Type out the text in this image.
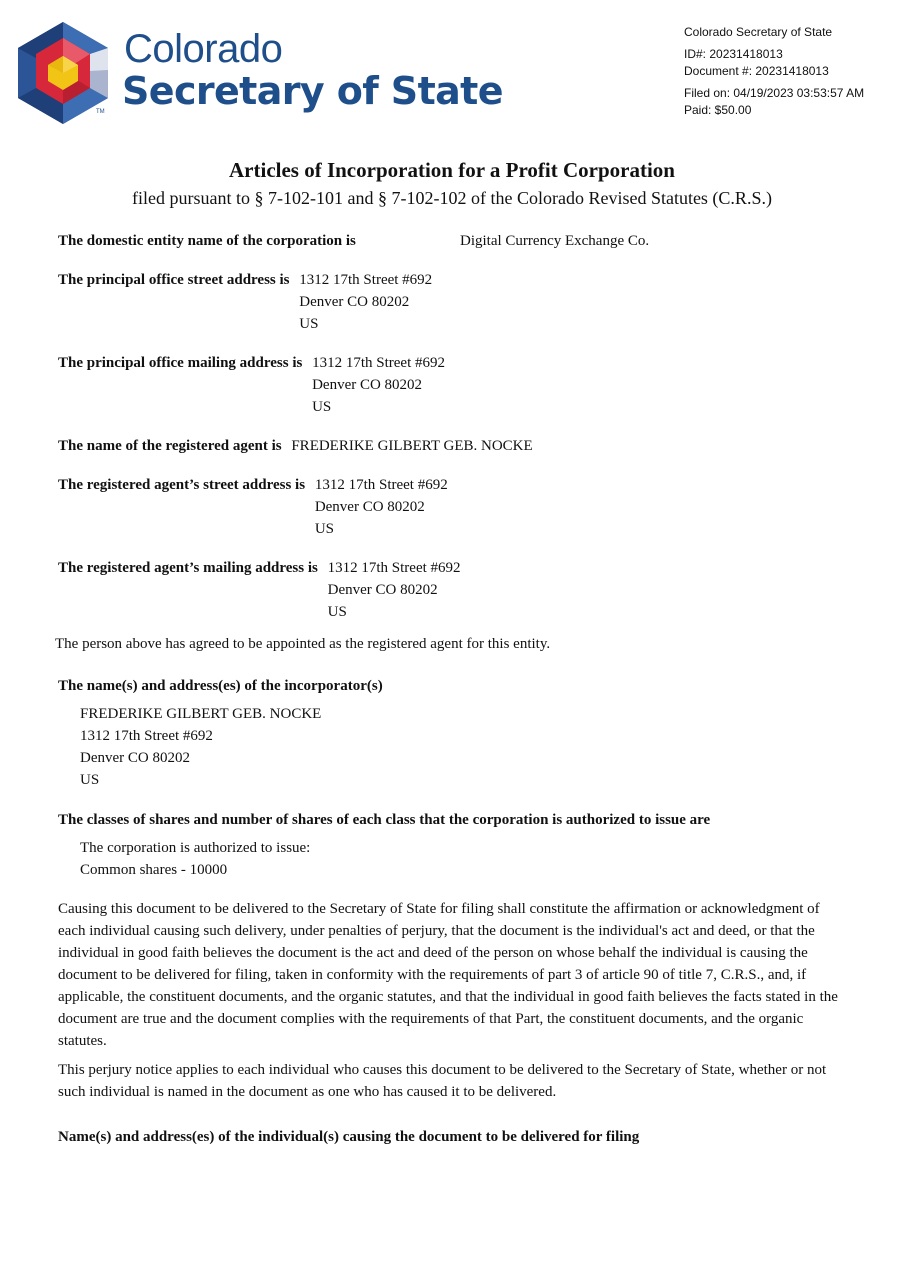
TM
Colorado
Secretary of State
Colorado Secretary of State
ID#: 20231418013
Document #: 20231418013
Filed on: 04/19/2023 03:53:57 AM
Paid: $50.00
Articles of Incorporation for a Profit Corporation
filed pursuant to § 7-102-101 and § 7-102-102 of the Colorado Revised Statutes (C.R.S.)
The domestic entity name of the corporation is	Digital Currency Exchange Co.
The principal office street address is 1312 17th Street #692
Denver CO 80202
US
The principal office mailing address is 1312 17th Street #692
Denver CO 80202
US
The name of the registered agent is FREDERIKE GILBERT GEB. NOCKE
The registered agent’s street address is 1312 17th Street #692
Denver CO 80202
US
The registered agent’s mailing address is 1312 17th Street #692
Denver CO 80202
US
The person above has agreed to be appointed as the registered agent for this entity.
The name(s) and address(es) of the incorporator(s)
FREDERIKE GILBERT GEB. NOCKE
1312 17th Street #692
Denver CO 80202
US
The classes of shares and number of shares of each class that the corporation is authorized to issue are
The corporation is authorized to issue:
Common shares - 10000
Causing this document to be delivered to the Secretary of State for filing shall constitute the affirmation or acknowledgment of each individual causing such delivery, under penalties of perjury, that the document is the individual's act and deed, or that the individual in good faith believes the document is the act and deed of the person on whose behalf the individual is causing the document to be delivered for filing, taken in conformity with the requirements of part 3 of article 90 of title 7, C.R.S., and, if applicable, the constituent documents, and the organic statutes, and that the individual in good faith believes the facts stated in the document are true and the document complies with the requirements of that Part, the constituent documents, and the organic statutes.
This perjury notice applies to each individual who causes this document to be delivered to the Secretary of State, whether or not such individual is named in the document as one who has caused it to be delivered.
Name(s) and address(es) of the individual(s) causing the document to be delivered for filing
